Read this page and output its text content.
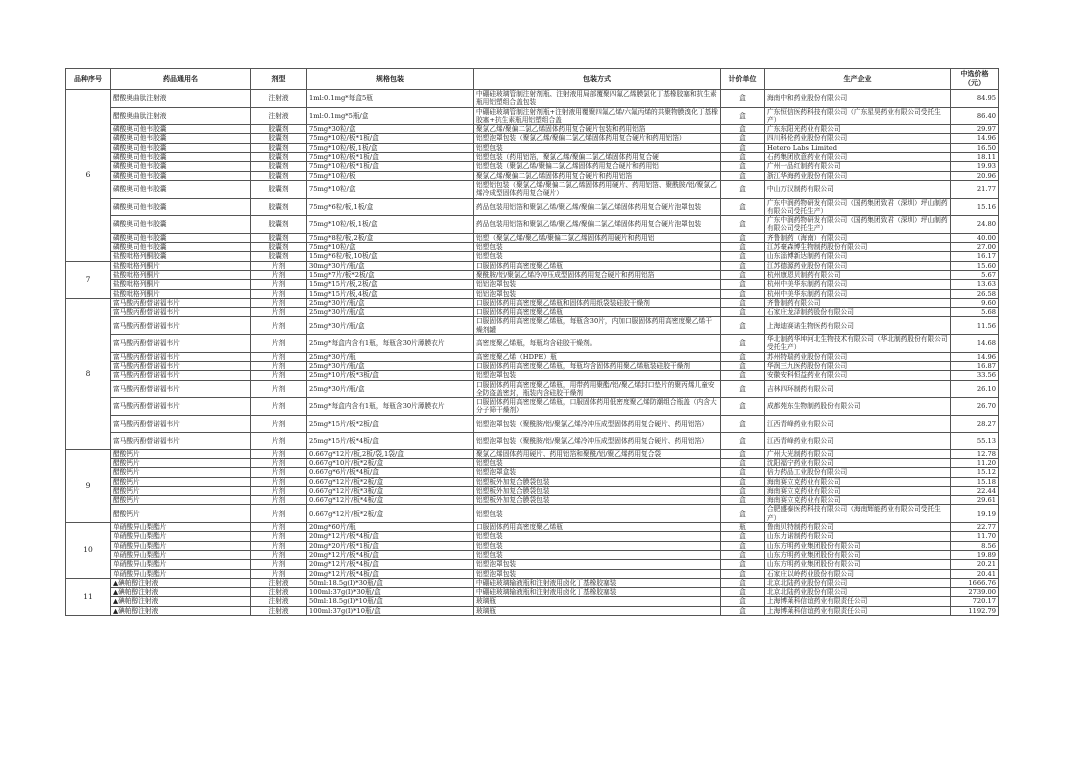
品种序号	药品通用名	剂型	规格包装	包装方式	计价单位	生产企业	中选价格（元）
6	醋酸奥曲肽注射液	注射液	1ml:0.1mg*每盒5瓶	中硼硅玻璃管制注射剂瓶、注射液用局部覆聚四氟乙烯膜氯化丁基橡胶塞和抗生素瓶用铝塑组合盖包装	盒	海南中和药业股份有限公司	84.95
	醋酸奥曲肽注射液	注射液	1ml:0.1mg*5瓶/盒	中硼硅玻璃管制注射剂瓶+注射液用覆聚四氟乙烯/六氟丙烯的共聚物膜溴化丁基橡胶塞+抗生素瓶用铝塑组合盖	盒	广东恒信医药科技有限公司（广东星昊药业有限公司受托生产）	86.40
	磷酸奥司他韦胶囊	胶囊剂	75mg*30粒/盒	聚氯乙烯/聚偏二氯乙烯固体药用复合硬片包装和药用铝箔	盒	广东东阳光药业有限公司	29.97
	磷酸奥司他韦胶囊	胶囊剂	75mg*10粒/板*1板/盒	铝塑泡罩包装（聚氯乙烯/聚偏二氯乙烯固体药用复合硬片和药用铝箔）	盒	四川科伦药业股份有限公司	14.96
	磷酸奥司他韦胶囊	胶囊剂	75mg*10粒/板,1板/盒	铝塑包装	盒	Hetero Labs Limited	16.50
	磷酸奥司他韦胶囊	胶囊剂	75mg*10粒/板*1板/盒	铝塑包装（药用铝箔，聚氯乙烯/聚偏二氯乙烯固体药用复合硬	盒	石药集团欧意药业有限公司	18.11
	磷酸奥司他韦胶囊	胶囊剂	75mg*10粒/板*1板/盒	铝塑包装（聚氯乙烯/聚偏二氯乙烯固体药用复合硬片和药用铝	盒	广州一品红制药有限公司	19.93
	磷酸奥司他韦胶囊	胶囊剂	75mg*10粒/板	聚氯乙烯/聚偏二氯乙烯固体药用复合硬片和药用铝箔	盒	浙江华海药业股份有限公司	20.96
	磷酸奥司他韦胶囊	胶囊剂	75mg*10粒/盒	铝塑铝包装（聚氯乙烯/聚偏二氯乙烯固体药用硬片、药用铝箔、聚酰胺/铝/聚氯乙烯冷成型固体药用复合硬片）	盒	中山万汉制药有限公司	21.77
	磷酸奥司他韦胶囊	胶囊剂	75mg*6粒/板,1板/盒	药品包装用铝箔和聚氯乙烯/聚乙烯/聚偏二氯乙烯固体药用复合硬片泡罩包装	盒	广东中润药物研发有限公司（国药集团致君（深圳）坪山制药有限公司受托生产）	15.16
	磷酸奥司他韦胶囊	胶囊剂	75mg*10粒/板,1板/盒	药品包装用铝箔和聚氯乙烯/聚乙烯/聚偏二氯乙烯固体药用复合硬片泡罩包装	盒	广东中润药物研发有限公司（国药集团致君（深圳）坪山制药有限公司受托生产）	24.80
	磷酸奥司他韦胶囊	胶囊剂	75mg*8粒/板,2板/盒	铝塑（聚氯乙烯/聚乙烯/聚偏二氯乙烯固体药用硬片和药用铝	盒	齐鲁制药（海南）有限公司	40.00
	磷酸奥司他韦胶囊	胶囊剂	75mg*10粒/盒	铝塑包装	盒	江苏豪森博生物制药股份有限公司	27.00
	盐酸吡格列酮胶囊	胶囊剂	15mg*6粒/板,10板/盒	铝塑包装	盒	山东淄博新达制药有限公司	16.17
7	盐酸吡格列酮片	片剂	30mg*30片/瓶/盒	口服固体药用高密度聚乙烯瓶	盒	江苏德源药业股份有限公司	15.60
	盐酸吡格列酮片	片剂	15mg*7片/板*2板/盒	聚酰胺/铝/聚氯乙烯冷冲压成型固体药用复合硬片和药用铝箔	盒	杭州康恩贝制药有限公司	5.67
	盐酸吡格列酮片	片剂	15mg*15片/板,2板/盒	铝铝泡罩包装	盒	杭州中美华东制药有限公司	13.63
	盐酸吡格列酮片	片剂	15mg*15片/板,4板/盒	铝铝泡罩包装	盒	杭州中美华东制药有限公司	26.58
8	富马酸丙酚替诺福韦片	片剂	25mg*30片/瓶/盒	口服固体药用高密度聚乙烯瓶和固体药用纸袋装硅胶干燥剂	盒	齐鲁制药有限公司	9.60
	富马酸丙酚替诺福韦片	片剂	25mg*30片/瓶/盒	口服固体药用高密度聚乙烯瓶	盒	石家庄龙泽制药股份有限公司	5.68
	富马酸丙酚替诺福韦片	片剂	25mg*30片/瓶/盒	口服固体药用高密度聚乙烯瓶，每瓶含30片，内加口服固体药用高密度聚乙烯干燥剂罐	盒	上海迪赛诺生物医药有限公司	11.56
	富马酸丙酚替诺福韦片	片剂	25mg*每盒内含有1瓶，每瓶含30片薄膜衣片	高密度聚乙烯瓶，每瓶均含硅胶干燥剂。	盒	华北制药华坤河北生物技术有限公司（华北制药股份有限公司受托生产）	14.68
	富马酸丙酚替诺福韦片	片剂	25mg*30片/瓶	高密度聚乙烯（HDPE）瓶	盒	苏州特瑞药业股份有限公司	14.96
	富马酸丙酚替诺福韦片	片剂	25mg*30片/瓶/盒	口服固体药用高密度聚乙烯瓶，每瓶均含固体药用聚乙烯瓶装硅胶干燥剂	盒	华润三九医药股份有限公司	16.87
	富马酸丙酚替诺福韦片	片剂	25mg*10片/板*3板/盒	铝塑泡罩包装	盒	安徽安科恒益药业有限公司	33.56
	富马酸丙酚替诺福韦片	片剂	25mg*30片/瓶/盒	口服固体药用高密度聚乙烯瓶，用带药用聚酯/铝/聚乙烯封口垫片的聚丙烯儿童安全防盗盖密封，瓶装内含硅胶干燥剂	盒	吉林四环制药有限公司	26.10
	富马酸丙酚替诺福韦片	片剂	25mg*每盒内含有1瓶，每瓶含30片薄膜衣片	口服固体药用高密度聚乙烯瓶，口服固体药用低密度聚乙烯防潮组合瓶盖（内含大分子筛干燥剂）	盒	成都苑东生物制药股份有限公司	26.70
	富马酸丙酚替诺福韦片	片剂	25mg*15片/板*2板/盒	铝塑泡罩包装（聚酰胺/铝/聚氯乙烯冷冲压成型固体药用复合硬片、药用铝箔）	盒	江西青峰药业有限公司	28.27
	富马酸丙酚替诺福韦片	片剂	25mg*15片/板*4板/盒	铝塑泡罩包装（聚酰胺/铝/聚氯乙烯冷冲压成型固体药用复合硬片、药用铝箔）	盒	江西青峰药业有限公司	55.13
9	醋酸钙片	片剂	0.667g*12片/板,2板/袋,1袋/盒	聚氯乙烯固体药用硬片、药用铝箔和聚酰/铝/聚乙烯药用复合袋	盒	广州大光制药有限公司	12.78
	醋酸钙片	片剂	0.667g*10片/板*2板/盒	铝塑包装	盒	沈阳福宁药业有限公司	11.20
	醋酸钙片	片剂	0.667g*6片/板*4板/盒	铝塑泡罩盒装	盒	倍力药品工业股份有限公司	15.12
	醋酸钙片	片剂	0.667g*12片/板*2板/盒	铝塑板外加复合膜袋包装	盒	海南赛立克药业有限公司	15.18
	醋酸钙片	片剂	0.667g*12片/板*3板/盒	铝塑板外加复合膜袋包装	盒	海南赛立克药业有限公司	22.44
	醋酸钙片	片剂	0.667g*12片/板*4板/盒	铝塑板外加复合膜袋包装	盒	海南赛立克药业有限公司	29.61
	醋酸钙片	片剂	0.667g*12片/板*2板/盒	铝塑包装	盒	合肥盛泰医药科技有限公司（海南辉能药业有限公司受托生产）	19.19
10	单硝酸异山梨酯片	片剂	20mg*60片/瓶	口服固体药用高密度聚乙烯瓶	瓶	鲁南贝特制药有限公司	22.77
	单硝酸异山梨酯片	片剂	20mg*12片/板*4板/盒	铝塑包装	盒	山东力诺制药有限公司	11.70
	单硝酸异山梨酯片	片剂	20mg*20片/板*1板/盒	铝塑包装	盒	山东方明药业集团股份有限公司	8.56
	单硝酸异山梨酯片	片剂	20mg*12片/板*4板/盒	铝塑包装	盒	山东方明药业集团股份有限公司	19.89
	单硝酸异山梨酯片	片剂	20mg*12片/板*4板/盒	铝塑泡罩包装	盒	山东方明药业集团股份有限公司	20.21
	单硝酸异山梨酯片	片剂	20mg*12片/板*4板/盒	铝塑泡罩包装	盒	石家庄以岭药业股份有限公司	20.41
11	▲碘帕醇注射液	注射液	50ml:18.5g(I)*30瓶/盒	中硼硅玻璃输液瓶和注射液用卤化丁基橡胶塞装	盒	北京北陆药业股份有限公司	1666.76
	▲碘帕醇注射液	注射液	100ml:37g(I)*30瓶/盒	中硼硅玻璃输液瓶和注射液用卤化丁基橡胶塞装	盒	北京北陆药业股份有限公司	2739.00
	▲碘帕醇注射液	注射液	50ml:18.5g(I)*10瓶/盒	玻璃瓶	盒	上海博莱科信谊药业有限责任公司	720.17
	▲碘帕醇注射液	注射液	100ml:37g(I)*10瓶/盒	玻璃瓶	盒	上海博莱科信谊药业有限责任公司	1192.79
